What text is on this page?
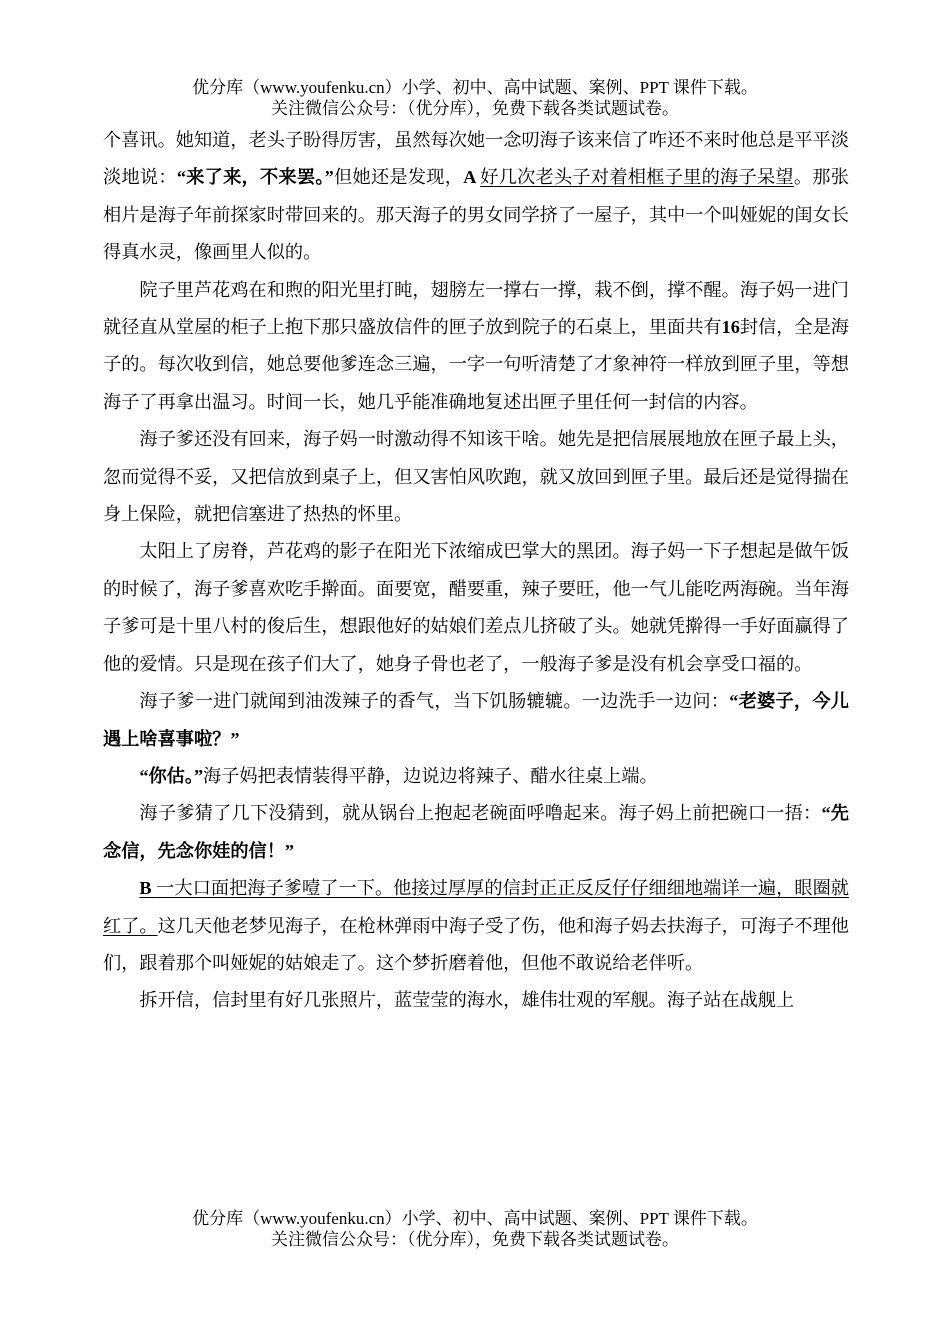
优分库（www.youfenku.cn）小学、初中、高中试题、案例、PPT 课件下载。
关注微信公众号：（优分库），免费下载各类试题试卷。

个喜讯。她知道，老头子盼得厉害，虽然每次她一念叨海子该来信了咋还不来时他总是平平淡淡地说：“来了来，不来罢。”但她还是发现，A 好几次老头子对着相框子里的海子呆望。那张相片是海子年前探家时带回来的。那天海子的男女同学挤了一屋子，其中一个叫娅妮的闺女长得真水灵，像画里人似的。

院子里芦花鸡在和煦的阳光里打盹，翅膀左一撑右一撑，栽不倒，撑不醒。海子妈一进门就径直从堂屋的柜子上抱下那只盛放信件的匣子放到院子的石桌上，里面共有16封信，全是海子的。每次收到信，她总要他爹连念三遍，一字一句听清楚了才象神符一样放到匣子里，等想海子了再拿出温习。时间一长，她几乎能准确地复述出匣子里任何一封信的内容。

海子爹还没有回来，海子妈一时激动得不知该干啥。她先是把信展展地放在匣子最上头，忽而觉得不妥，又把信放到桌子上，但又害怕风吹跑，就又放回到匣子里。最后还是觉得揣在身上保险，就把信塞进了热热的怀里。

太阳上了房脊，芦花鸡的影子在阳光下浓缩成巴掌大的黑团。海子妈一下子想起是做午饭的时候了，海子爹喜欢吃手擀面。面要宽，醋要重，辣子要旺，他一气儿能吃两海碗。当年海子爹可是十里八村的俊后生，想跟他好的姑娘们差点儿挤破了头。她就凭擀得一手好面赢得了他的爱情。只是现在孩子们大了，她身子骨也老了，一般海子爹是没有机会享受口福的。

海子爹一进门就闻到油泼辣子的香气，当下饥肠辘辘。一边洗手一边问：“老婆子，今儿遇上啥喜事啦？”

“你估。”海子妈把表情装得平静，边说边将辣子、醋水往桌上端。

海子爹猜了几下没猜到，就从锅台上抱起老碗面呼噜起来。海子妈上前把碗口一捂：“先念信，先念你娃的信！”

B 一大口面把海子爹噎了一下。他接过厚厚的信封正正反反仔仔细细地端详一遍，眼圈就红了。这几天他老梦见海子，在枪林弹雨中海子受了伤，他和海子妈去扶海子，可海子不理他们，跟着那个叫娅妮的姑娘走了。这个梦折磨着他，但他不敢说给老伴听。

拆开信，信封里有好几张照片，蓝莹莹的海水，雄伟壮观的军舰。海子站在战舰上

优分库（www.youfenku.cn）小学、初中、高中试题、案例、PPT 课件下载。
关注微信公众号：（优分库），免费下载各类试题试卷。
